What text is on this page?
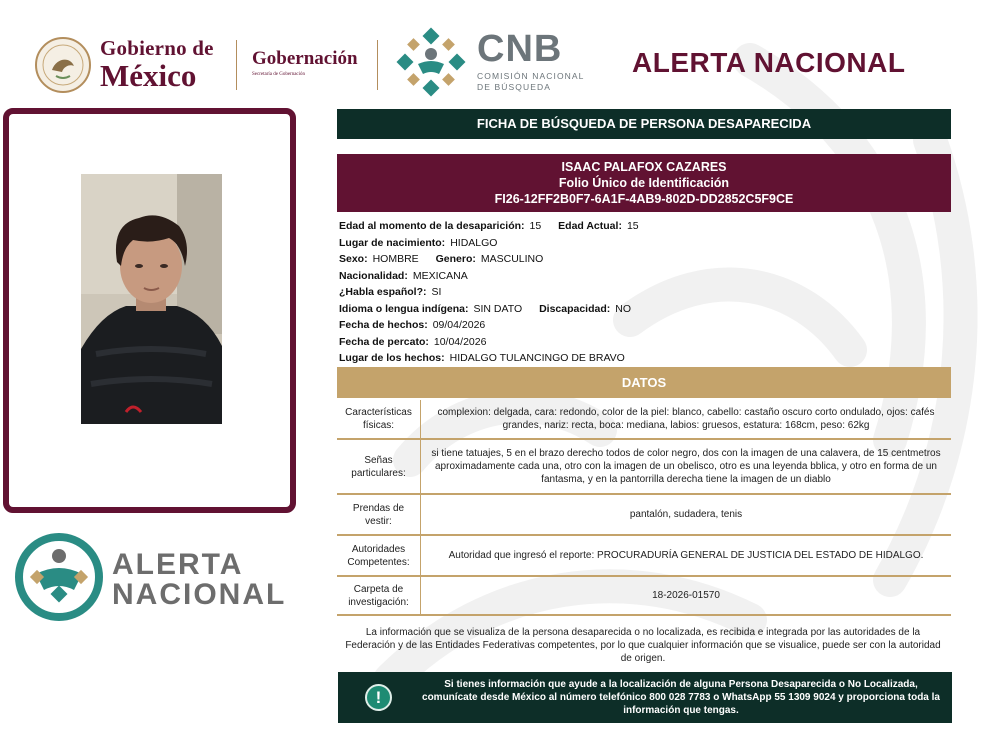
Gobierno de
México	Gobernación
Secretaría de Gobernación
CNB
COMISIÓN NACIONAL
DE BÚSQUEDA
ALERTA NACIONAL
ALERTA
NACIONAL
FICHA DE BÚSQUEDA DE PERSONA DESAPARECIDA
ISAAC PALAFOX CAZARES
Folio Único de Identificación
FI26-12FF2B0F7-6A1F-4AB9-802D-DD2852C5F9CE
Edad al momento de la desaparición: 15 Edad Actual: 15
Lugar de nacimiento: HIDALGO
Sexo: HOMBRE Genero: MASCULINO
Nacionalidad: MEXICANA
¿Habla español?: SI
Idioma o lengua indígena: SIN DATO Discapacidad: NO
Fecha de hechos: 09/04/2026
Fecha de percato: 10/04/2026
Lugar de los hechos: HIDALGO TULANCINGO DE BRAVO
DATOS
Características físicas:
complexion: delgada, cara: redondo, color de la piel: blanco, cabello: castaño oscuro corto ondulado, ojos: cafés grandes, nariz: recta, boca: mediana, labios: gruesos, estatura: 168cm, peso: 62kg
Señas particulares:
si tiene tatuajes, 5 en el brazo derecho todos de color negro, dos con la imagen de una calavera, de 15 centmetros aproximadamente cada una, otro con la imagen de un obelisco, otro es una leyenda bblica, y otro en forma de un fantasma, y en la pantorrilla derecha tiene la imagen de un diablo
Prendas de vestir:
pantalón, sudadera, tenis
Autoridades Competentes:
Autoridad que ingresó el reporte: PROCURADURÍA GENERAL DE JUSTICIA DEL ESTADO DE HIDALGO.
Carpeta de investigación:
18-2026-01570
La información que se visualiza de la persona desaparecida o no localizada, es recibida e integrada por las autoridades de la Federación y de las Entidades Federativas competentes, por lo que cualquier información que se visualice, puede ser con la autoridad de origen.
!
Si tienes información que ayude a la localización de alguna Persona Desaparecida o No Localizada, comunícate desde México al número telefónico 800 028 7783 o WhatsApp 55 1309 9024 y proporciona toda la información que tengas.
